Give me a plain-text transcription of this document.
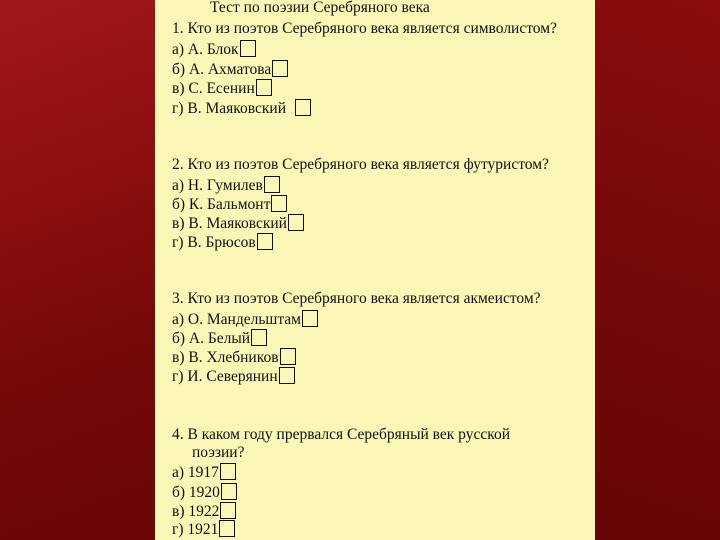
Тест по поэзии Серебряного века
1. Кто из поэтов Серебряного века является символистом?
а) А. Блок
б) А. Ахматова
в) С. Есенин
г) В. Маяковский
2. Кто из поэтов Серебряного века является футуристом?
а) Н. Гумилев
б) К. Бальмонт
в) В. Маяковский
г) В. Брюсов
3. Кто из поэтов Серебряного века является акмеистом?
а) О. Мандельштам
б) А. Белый
в) В. Хлебников
г) И. Северянин
4. В каком году прервался Серебряный век русской
поэзии?
а) 1917
б) 1920
в) 1922
г) 1921
